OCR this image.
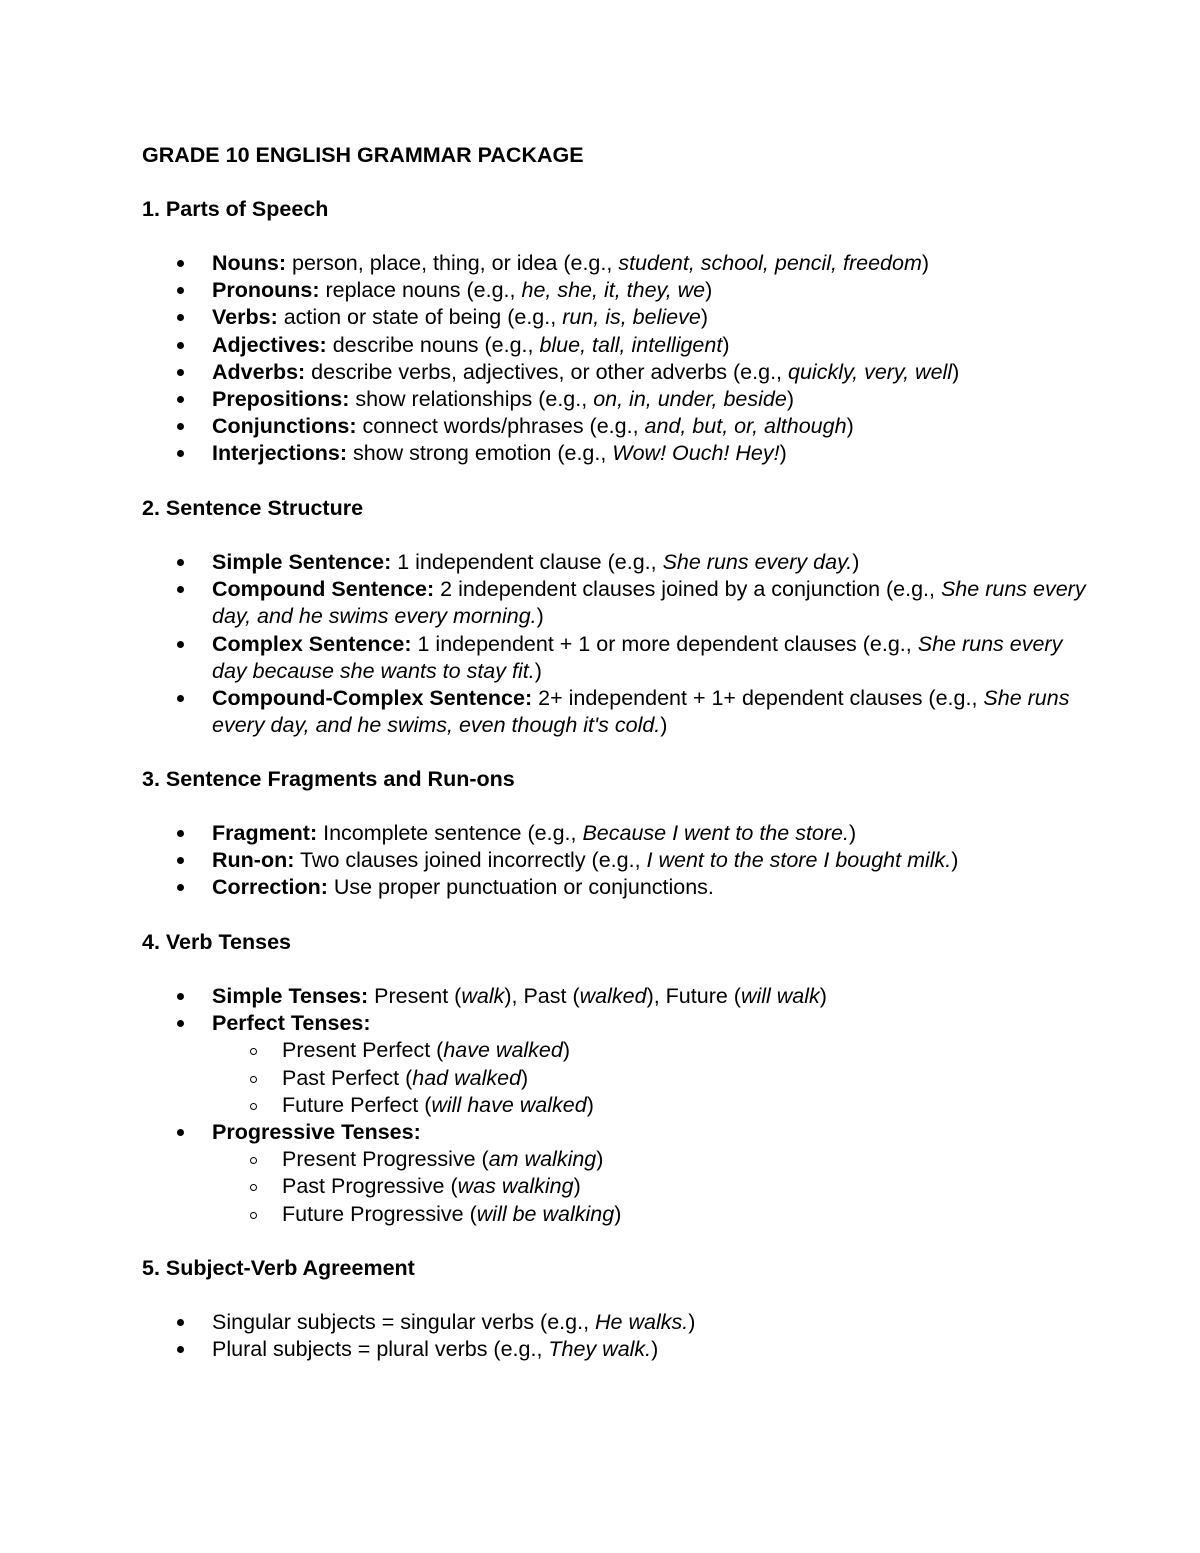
GRADE 10 ENGLISH GRAMMAR PACKAGE
1. Parts of Speech
Nouns: person, place, thing, or idea (e.g., student, school, pencil, freedom)
Pronouns: replace nouns (e.g., he, she, it, they, we)
Verbs: action or state of being (e.g., run, is, believe)
Adjectives: describe nouns (e.g., blue, tall, intelligent)
Adverbs: describe verbs, adjectives, or other adverbs (e.g., quickly, very, well)
Prepositions: show relationships (e.g., on, in, under, beside)
Conjunctions: connect words/phrases (e.g., and, but, or, although)
Interjections: show strong emotion (e.g., Wow! Ouch! Hey!)
2. Sentence Structure
Simple Sentence: 1 independent clause (e.g., She runs every day.)
Compound Sentence: 2 independent clauses joined by a conjunction (e.g., She runs every day, and he swims every morning.)
Complex Sentence: 1 independent + 1 or more dependent clauses (e.g., She runs every day because she wants to stay fit.)
Compound-Complex Sentence: 2+ independent + 1+ dependent clauses (e.g., She runs every day, and he swims, even though it's cold.)
3. Sentence Fragments and Run-ons
Fragment: Incomplete sentence (e.g., Because I went to the store.)
Run-on: Two clauses joined incorrectly (e.g., I went to the store I bought milk.)
Correction: Use proper punctuation or conjunctions.
4. Verb Tenses
Simple Tenses: Present (walk), Past (walked), Future (will walk)
Perfect Tenses:
Present Perfect (have walked)
Past Perfect (had walked)
Future Perfect (will have walked)
Progressive Tenses:
Present Progressive (am walking)
Past Progressive (was walking)
Future Progressive (will be walking)
5. Subject-Verb Agreement
Singular subjects = singular verbs (e.g., He walks.)
Plural subjects = plural verbs (e.g., They walk.)
